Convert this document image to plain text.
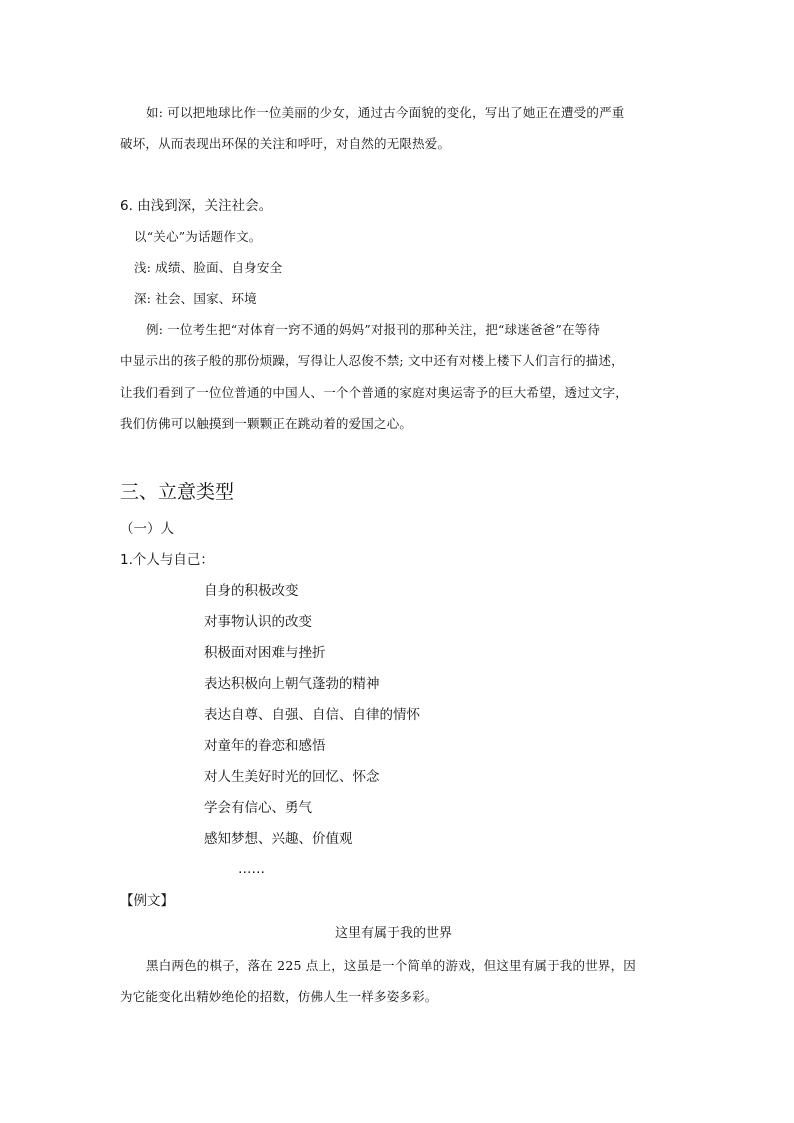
如: 可以把地球比作一位美丽的少女，通过古今面貌的变化，写出了她正在遭受的严重
破坏，从而表现出环保的关注和呼吁，对自然的无限热爱。
6. 由浅到深，关注社会。
以“关心”为话题作文。
浅: 成绩、脸面、自身安全
深: 社会、国家、环境
例: 一位考生把“对体育一窍不通的妈妈”对报刊的那种关注，把“球迷爸爸”在等待
中显示出的孩子般的那份烦躁，写得让人忍俊不禁; 文中还有对楼上楼下人们言行的描述，
让我们看到了一位位普通的中国人、一个个普通的家庭对奥运寄予的巨大希望，透过文字，
我们仿佛可以触摸到一颗颗正在跳动着的爱国之心。
三、立意类型
（一）人
1.个人与自己：
自身的积极改变
对事物认识的改变
积极面对困难与挫折
表达积极向上朝气蓬勃的精神
表达自尊、自强、自信、自律的情怀
对童年的眷恋和感悟
对人生美好时光的回忆、怀念
学会有信心、勇气
感知梦想、兴趣、价值观
……
【例文】
这里有属于我的世界
黑白两色的棋子，落在 225 点上，这虽是一个简单的游戏，但这里有属于我的世界，因
为它能变化出精妙绝伦的招数，仿佛人生一样多姿多彩。
